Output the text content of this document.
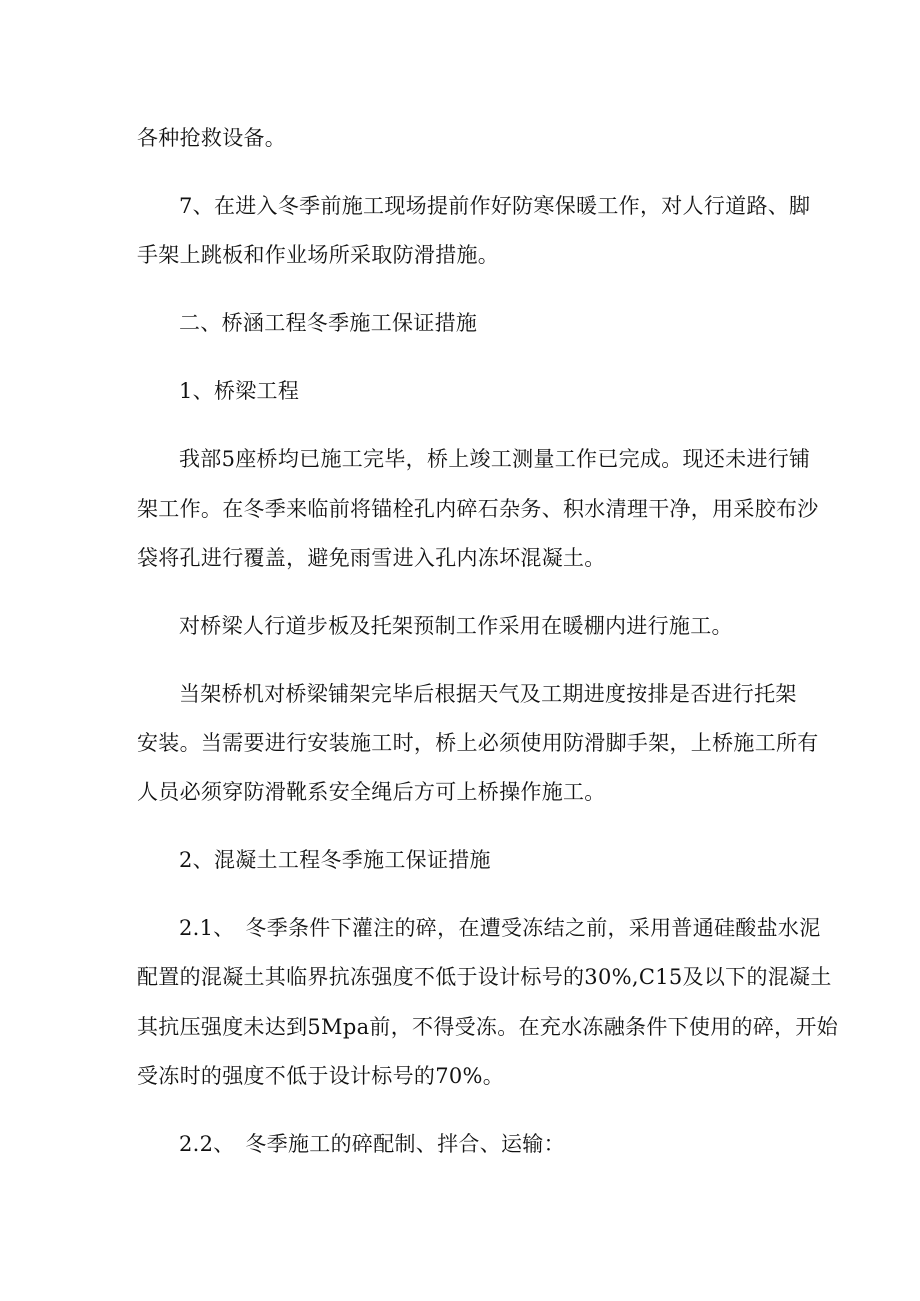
各种抢救设备。
7、在进入冬季前施工现场提前作好防寒保暖工作，对人行道路、脚
手架上跳板和作业场所采取防滑措施。
二、桥涵工程冬季施工保证措施
1、桥梁工程
我部5座桥均已施工完毕，桥上竣工测量工作已完成。现还未进行铺
架工作。在冬季来临前将锚栓孔内碎石杂务、积水清理干净，用采胶布沙
袋将孔进行覆盖，避免雨雪进入孔内冻坏混凝土。
对桥梁人行道步板及托架预制工作采用在暖棚内进行施工。
当架桥机对桥梁铺架完毕后根据天气及工期进度按排是否进行托架
安装。当需要进行安装施工时，桥上必须使用防滑脚手架，上桥施工所有
人员必须穿防滑靴系安全绳后方可上桥操作施工。
2、混凝土工程冬季施工保证措施
2.1、　冬季条件下灌注的碎，在遭受冻结之前，采用普通硅酸盐水泥
配置的混凝土其临界抗冻强度不低于设计标号的30%,C15及以下的混凝土
其抗压强度未达到5Mpa前，不得受冻。在充水冻融条件下使用的碎，开始
受冻时的强度不低于设计标号的70%。
2.2、　冬季施工的碎配制、拌合、运输：
